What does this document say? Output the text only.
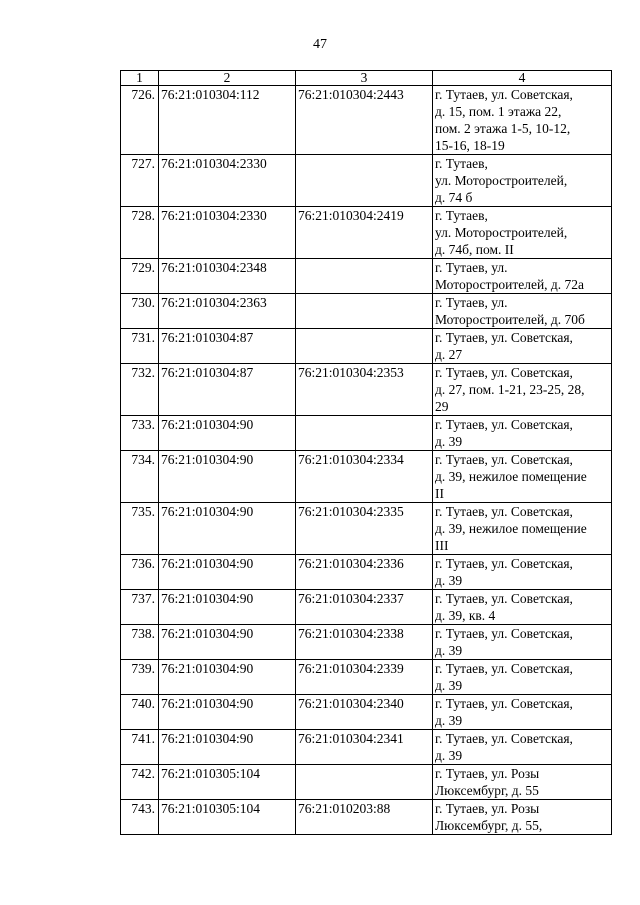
47
1	2	3	4
726.	76:21:010304:112	76:21:010304:2443	г. Тутаев, ул. Советская,
д. 15, пом. 1 этажа 22,
пом. 2 этажа 1-5, 10-12,
15-16, 18-19
727.	76:21:010304:2330		г. Тутаев,
ул. Моторостроителей,
д. 74 б
728.	76:21:010304:2330	76:21:010304:2419	г. Тутаев,
ул. Моторостроителей,
д. 74б, пом. II
729.	76:21:010304:2348		г. Тутаев, ул.
Моторостроителей, д. 72а
730.	76:21:010304:2363		г. Тутаев, ул.
Моторостроителей, д. 70б
731.	76:21:010304:87		г. Тутаев, ул. Советская,
д. 27
732.	76:21:010304:87	76:21:010304:2353	г. Тутаев, ул. Советская,
д. 27, пом. 1-21, 23-25, 28,
29
733.	76:21:010304:90		г. Тутаев, ул. Советская,
д. 39
734.	76:21:010304:90	76:21:010304:2334	г. Тутаев, ул. Советская,
д. 39, нежилое помещение
II
735.	76:21:010304:90	76:21:010304:2335	г. Тутаев, ул. Советская,
д. 39, нежилое помещение
III
736.	76:21:010304:90	76:21:010304:2336	г. Тутаев, ул. Советская,
д. 39
737.	76:21:010304:90	76:21:010304:2337	г. Тутаев, ул. Советская,
д. 39, кв. 4
738.	76:21:010304:90	76:21:010304:2338	г. Тутаев, ул. Советская,
д. 39
739.	76:21:010304:90	76:21:010304:2339	г. Тутаев, ул. Советская,
д. 39
740.	76:21:010304:90	76:21:010304:2340	г. Тутаев, ул. Советская,
д. 39
741.	76:21:010304:90	76:21:010304:2341	г. Тутаев, ул. Советская,
д. 39
742.	76:21:010305:104		г. Тутаев, ул. Розы
Люксембург, д. 55
743.	76:21:010305:104	76:21:010203:88	г. Тутаев, ул. Розы
Люксембург, д. 55,
